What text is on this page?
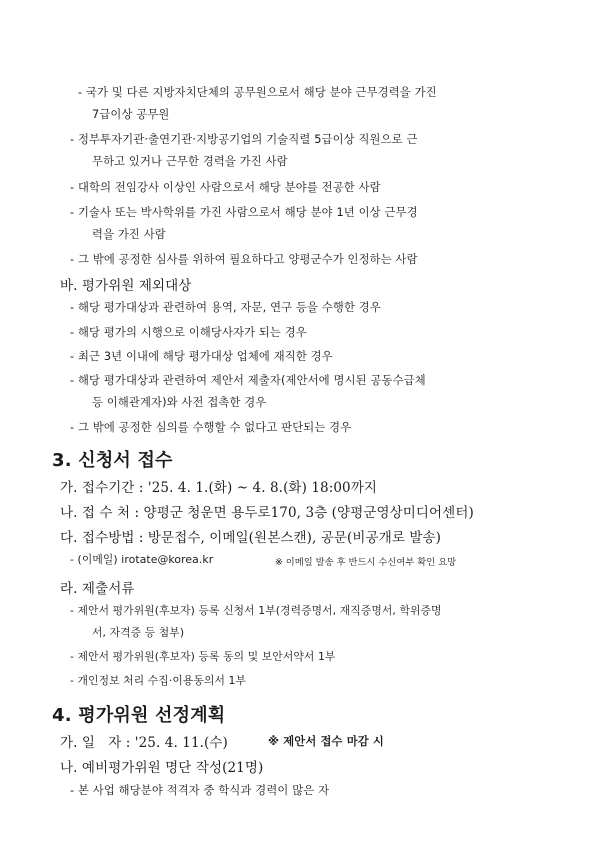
- 국가 및 다른 지방자치단체의 공무원으로서 해당 분야 근무경력을 가진
7급이상 공무원
- 정부투자기관·출연기관·지방공기업의 기술직렬 5급이상 직원으로 근
무하고 있거나 근무한 경력을 가진 사람
- 대학의 전임강사 이상인 사람으로서 해당 분야를 전공한 사람
- 기술사 또는 박사학위를 가진 사람으로서 해당 분야 1년 이상 근무경
력을 가진 사람
- 그 밖에 공정한 심사를 위하여 필요하다고 양평군수가 인정하는 사람
바. 평가위원 제외대상
- 해당 평가대상과 관련하여 용역, 자문, 연구 등을 수행한 경우
- 해당 평가의 시행으로 이해당사자가 되는 경우
- 최근 3년 이내에 해당 평가대상 업체에 재직한 경우
- 해당 평가대상과 관련하여 제안서 제출자(제안서에 명시된 공동수급체
등 이해관계자)와 사전 접촉한 경우
- 그 밖에 공정한 심의를 수행할 수 없다고 판단되는 경우
3. 신청서 접수
가. 접수기간 : '25. 4. 1.(화) ~ 4. 8.(화) 18:00까지
나. 접 수 처 : 양평군 청운면 용두로170, 3층 (양평군영상미디어센터)
다. 접수방법 : 방문접수, 이메일(원본스캔), 공문(비공개로 발송)
- (이메일) irotate@korea.kr	※ 이메일 발송 후 반드시 수신여부 확인 요망
라. 제출서류
- 제안서 평가위원(후보자) 등록 신청서 1부(경력증명서, 재직증명서, 학위증명
서, 자격증 등 첨부)
- 제안서 평가위원(후보자) 등록 동의 및 보안서약서 1부
- 개인정보 처리 수집·이용동의서 1부
4. 평가위원 선정계획
가. 일   자 : '25. 4. 11.(수)	※ 제안서 접수 마감 시
나. 예비평가위원 명단 작성(21명)
- 본 사업 해당분야 적격자 중 학식과 경력이 많은 자
